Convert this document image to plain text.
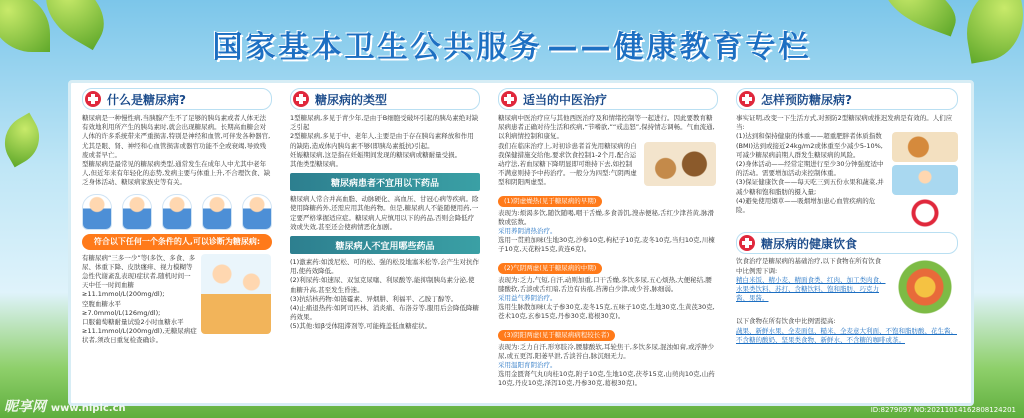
国家基本卫生公共服务 ——健康教育专栏
什么是糖尿病?

糖尿病是一种慢性病,当胰腺产生不了足够的胰岛素或者人体无法有效地利用所产生的胰岛素时,就会出现糖尿病。长期高血糖会对人体的许多系统带来严重损害,特别是神经和血管,可伴发各种器官,尤其是眼、肾、神经和心血管损害或器官功能不全或衰竭,导致残废或者早亡。

型糖尿病是最常见的糖尿病类型,通常发生在成年人中尤其中老年人,但近年来有年轻化的态势,发病主要与体重上升,不合理饮食、缺乏身体活动、糖尿病家族史等有关。

符合以下任何一个条件的人,可以诊断为糖尿病:

有糖尿病“三多一少”等(多饮、多食、多尿、体重下降、皮肤瘙痒、视力模糊等急性代谢紊乱表现)症状者,随机时间一天中任一时间血糖≥11.1mmol/L(200mg/dl);

空腹血糖水平≥7.0mmol/L(126mg/dl);

口服葡萄糖耐量试验2小时血糖水平≥11.1mmol/L(200mg/dl),无糖尿病症状者,须改日重复检查确诊。

糖尿病的类型

1型糖尿病,多见于青少年,是由于B细胞受破坏引起的胰岛素绝对缺乏引起

2型糖尿病,多见于中、老年人,主要是由于存在胰岛素释放和作用的缺陷,造成体内胰岛素不够(即胰岛素抵抗)引起。

妊娠糖尿病,这是指在妊娠期间发现的糖尿病或糖耐量受损。

其他类型糖尿病。

糖尿病患者不宜用以下药品

糖尿病人常合并高血脂、动脉硬化、高血压、甘冠心病等疾病。除使用降糖药外,还需应用其他药物。但是,糖尿病人不能随便用药,一定要严格掌握适应症。糖尿病人应慎用以下的药品,否则会降低疗效或失效,甚至还会使病情恶化加剧。

糖尿病人不宜用哪些药品

(1)激素药:如泼尼松、可的松、强的松及地塞米松等,会产生对抗作用,使药效降低。

(2)利尿药:如速尿、双氢克尿噻、利尿酸等,能抑制胰岛素分泌,使血糖升高,甚至发生昏迷。

(3)抗结核药物:如链霉素、异烟肼、利福平、乙胺丁醇等。

(4)止痛退热药:如阿司匹林、消炎痛、布洛芬等,服用后会降低降糖药效果。

(5)其他:如β受体阻滞剂等,可能掩盖低血糖症状。

适当的中医治疗

糖尿病中医治疗应与其他西医治疗及和情绪控制等一起进行。因此要教育糖尿病患者正确对待生活和疾病,“节嗜欲,”“戒恚怒”,保持情志调畅。气血流通,以利病情控制和康复。

我们在临床治疗上,对初诊患者首先用糖尿病的自我保健措施交给他,要求饮食控制1-2个月,配合运动疗法,若血尿糖下降明显即可维持下去,如控制不满意则持予中药治疗。一般分为四型:气阴两虚型和阴阳两虚型。

(1)阴虚燥热(见于糖尿病的早期)

表现为:烦渴多饮,随饮随喝,咽干舌燥,多食善饥,溲赤便秘,舌红少津苔黄,脉滑数或弦数。

采用养阴清热治疗。

选用一贯煎加味(生地30克,沙参10克,枸杞子10克,麦冬10克,当归10克,川楝子10克,天花粉15克,黄连6克)。

(2)气阴两虚(见于糖尿病的中期)

表现为:乏力,气短,自汗,动则加重,口干舌燥,多饮多尿,五心烦热,大便秘结,腰膝酸软,舌淡或舌红暗,舌边有齿痕,苔薄白少津,或少苔,脉细弱。

采用益气养阴治疗。

选用生脉散加味(太子参30克,麦冬15克,五味子10克,生地30克,生黄芪30克,苍术10克,玄参15克,丹参30克,葛根30克)。

(3)阴阳两虚(见于糖尿病病程较长者)

表现为:乏力自汗,形寒肢冷,腰膝酸软,耳轮焦干,多饮多尿,混浊如膏,或浮肿少尿,或五更泻,阳萎早泄,舌淡苔白,脉沉细无力。

采用温阳育阴治疗。

选用金匮肾气丸(肉桂10克,附子10克,生地10克,茯苓15克,山萸肉10克,山药10克,丹皮10克,泽泻10克,丹参30克,葛根30克)。

怎样预防糖尿病?

事实证明,改变一下生活方式,对预防2型糖尿病或推迟发病是有效的。人们应当:

(1)达到和保持健康的体重——超重肥胖者体质指数(BMI)达到或接近24kg/m2或体重至少减少5-10%,可减少糖尿病前期人群发生糖尿病的风险。

(2)身体活动——经常定期进行至少30分钟强度适中的活动。需要增加活动来控制体重。

(3)保证健康饮食——每天吃三到五份水果和蔬菜,并减少糖和饱和脂肪的摄入量;

(4)避免使用烟草——吸烟增加患心血管疾病的危险。

糖尿病的健康饮食

饮食治疗是糖尿病的基础治疗,以下食物在所有饮食中比例需下调:

精白米饭、精小麦、精面食类、红肉、加工类肉食、水果类饮料、苏打、含糖饮料、饱和脂肪、巧克力酱、果酱。

以下食物在所有饮食中比例需提高:

蔬果、新鲜水果、全麦面包、糙米、全麦意大利面、不饱和脂肪酸、花生酱、不含糖的酸奶、坚果类食物、新鲜水、不含糖的咖啡或茶。

昵享网 www.nipic.cn	ID:8279097 NO:20211014162808124201
